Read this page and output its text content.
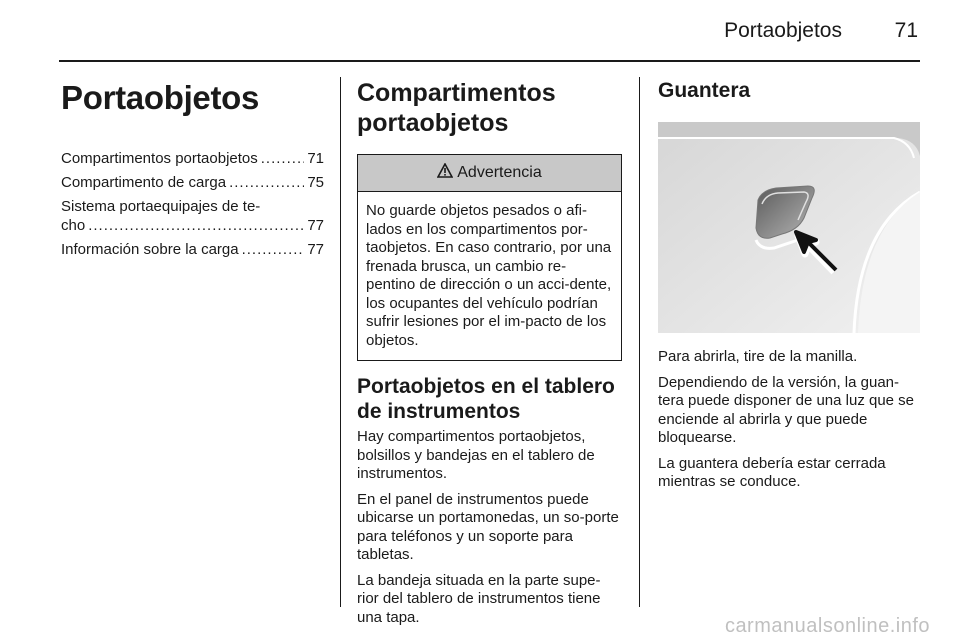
Portaobjetos	71
Portaobjetos
Compartimentos portaobjetos .....	71
Compartimento de carga .....	75
Sistema portaequipajes de te-
cho .....	77
Información sobre la carga .....	77
Compartimentos portaobjetos
Advertencia
No guarde objetos pesados o afi-lados en los compartimentos por-taobjetos. En caso contrario, por una frenada brusca, un cambio re-pentino de dirección o un acci-dente, los ocupantes del vehículo podrían sufrir lesiones por el im-pacto de los objetos.
Portaobjetos en el tablero de instrumentos

Hay compartimentos portaobjetos, bolsillos y bandejas en el tablero de instrumentos.

En el panel de instrumentos puede ubicarse un portamonedas, un so-porte para teléfonos y un soporte para tabletas.

La bandeja situada en la parte supe-rior del tablero de instrumentos tiene una tapa.

Guantera

Para abrirla, tire de la manilla.

Dependiendo de la versión, la guan-tera puede disponer de una luz que se enciende al abrirla y que puede bloquearse.

La guantera debería estar cerrada mientras se conduce.

carmanualsonline.info
